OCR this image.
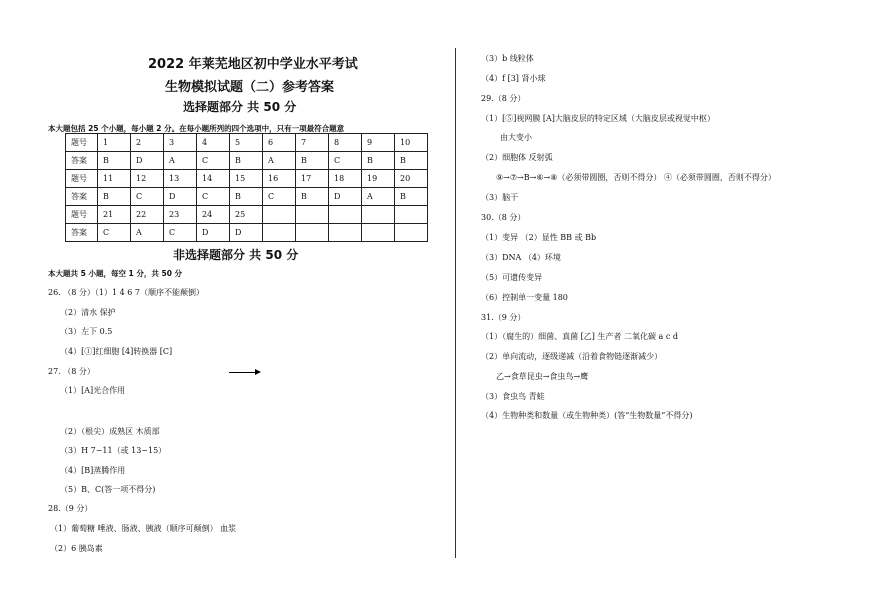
2022 年莱芜地区初中学业水平考试
生物模拟试题（二）参考答案
选择题部分 共 50 分
本大题包括 25 个小题，每小题 2 分。在每小题所列的四个选项中，只有一项最符合题意
题号	1	2	3	4	5	6	7	8	9	10
答案	B	D	A	C	B	A	B	C	B	B
题号	11	12	13	14	15	16	17	18	19	20
答案	B	C	D	C	B	C	B	D	A	B
题号	21	22	23	24	25					
答案	C	A	C	D	D					
非选择题部分 共 50 分
本大题共 5 小题，每空 1 分，共 50 分
26. （8 分）（1）1 4 6 7（顺序不能颠倒）
（2）清水 保护
（3）左下 0.5
（4）[①]红细胞 [4]转换器 [C]
27. （8 分）
（1）[A]光合作用
（2）（根尖）成熟区 木质部
（3）H 7~11（或 13~15）
（4）[B]蒸腾作用
（5）B、C(答一项不得分)
28.（9 分）
（1）葡萄糖 唾液、肠液、胰液（顺序可颠倒） 血浆
（2）6 胰岛素
（3）b 线粒体
（4）f [3] 肾小球
29.（8 分）
（1）[⑤]视网膜 [A]大脑皮层的特定区域（大脑皮层或视觉中枢）
由大变小
（2）细胞体 反射弧
⑨→⑦→B→⑥→⑧（必须带圆圈，否则不得分） ④（必须带圆圈，否则不得分）
（3）脑干
30.（8 分）
（1）变异 （2）显性 BB 或 Bb
（3）DNA （4）环境
（5）可遗传变异
（6）控制单一变量 180
31.（9 分）
（1）（腐生的）细菌、真菌 [乙] 生产者 二氧化碳 a c d
（2）单向流动，逐级递减（沿着食物链逐渐减少）
乙→食草昆虫→食虫鸟→鹰
（3）食虫鸟 青蛙
（4）生物种类和数量（或生物种类）(答“生物数量”不得分)
